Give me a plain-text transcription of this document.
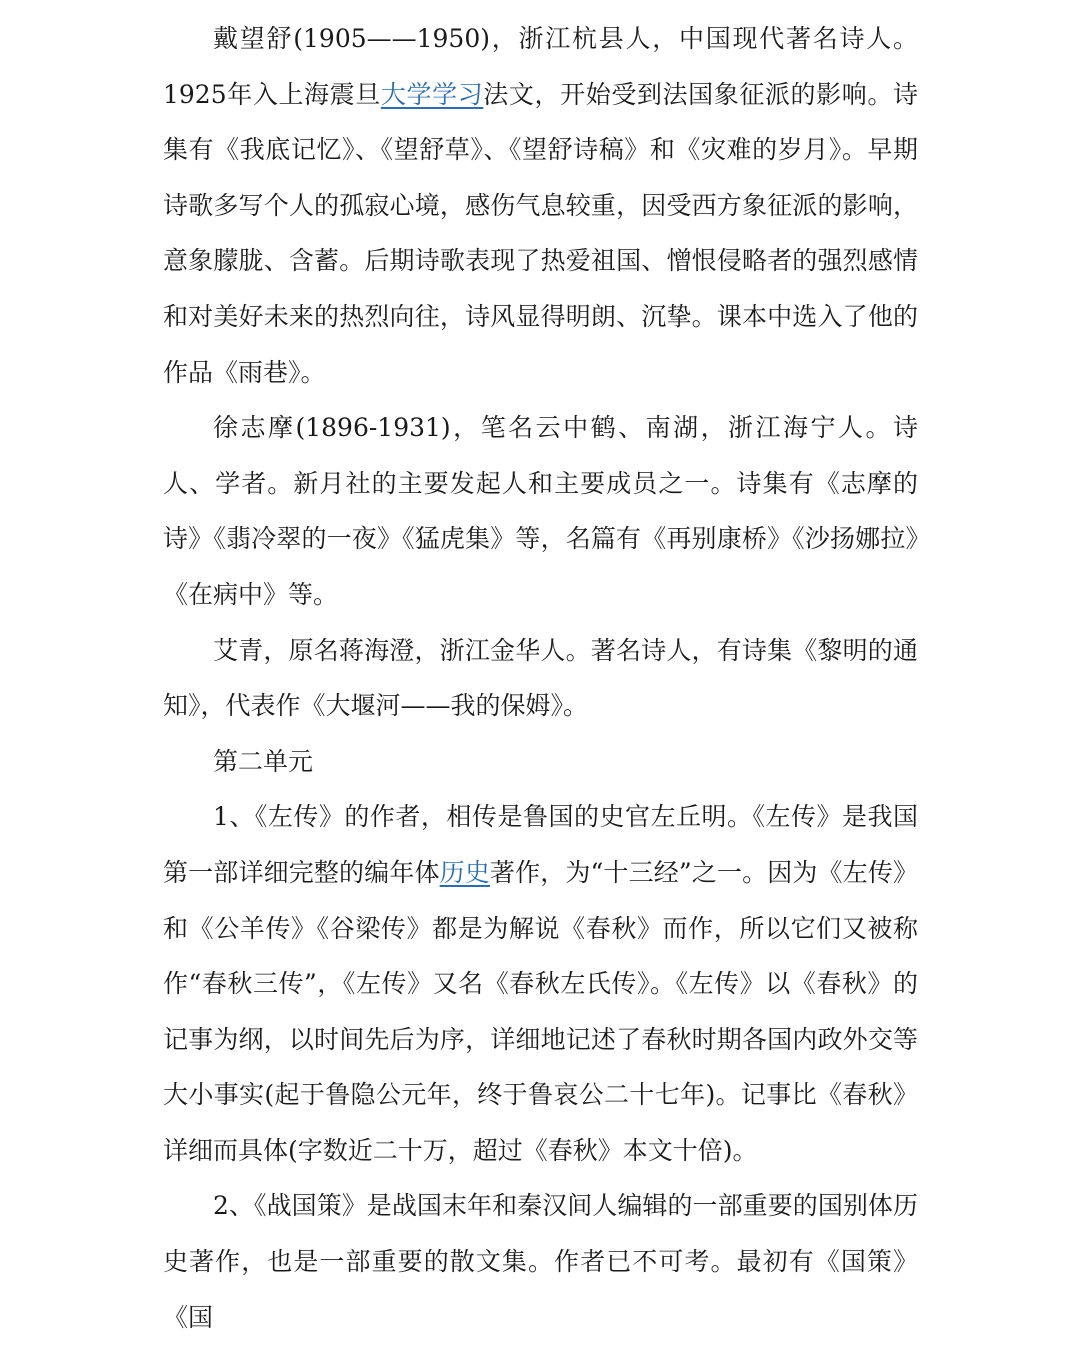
戴望舒(1905——1950)，浙江杭县人，中国现代著名诗人。1925年入上海震旦大学学习法文，开始受到法国象征派的影响。诗集有《我底记忆》、《望舒草》、《望舒诗稿》和《灾难的岁月》。早期诗歌多写个人的孤寂心境，感伤气息较重，因受西方象征派的影响，意象朦胧、含蓄。后期诗歌表现了热爱祖国、憎恨侵略者的强烈感情和对美好未来的热烈向往，诗风显得明朗、沉挚。课本中选入了他的作品《雨巷》。

徐志摩(1896-1931)，笔名云中鹤、南湖，浙江海宁人。诗人、学者。新月社的主要发起人和主要成员之一。诗集有《志摩的诗》《翡冷翠的一夜》《猛虎集》等，名篇有《再别康桥》《沙扬娜拉》《在病中》等。

艾青，原名蒋海澄，浙江金华人。著名诗人，有诗集《黎明的通知》，代表作《大堰河——我的保姆》。

第二单元

1、《左传》的作者，相传是鲁国的史官左丘明。《左传》是我国第一部详细完整的编年体历史著作，为“十三经”之一。因为《左传》和《公羊传》《谷梁传》都是为解说《春秋》而作，所以它们又被称作“春秋三传”，《左传》又名《春秋左氏传》。《左传》以《春秋》的记事为纲，以时间先后为序，详细地记述了春秋时期各国内政外交等大小事实(起于鲁隐公元年，终于鲁哀公二十七年)。记事比《春秋》详细而具体(字数近二十万，超过《春秋》本文十倍)。

2、《战国策》是战国末年和秦汉间人编辑的一部重要的国别体历史著作，也是一部重要的散文集。作者已不可考。最初有《国策》《国
